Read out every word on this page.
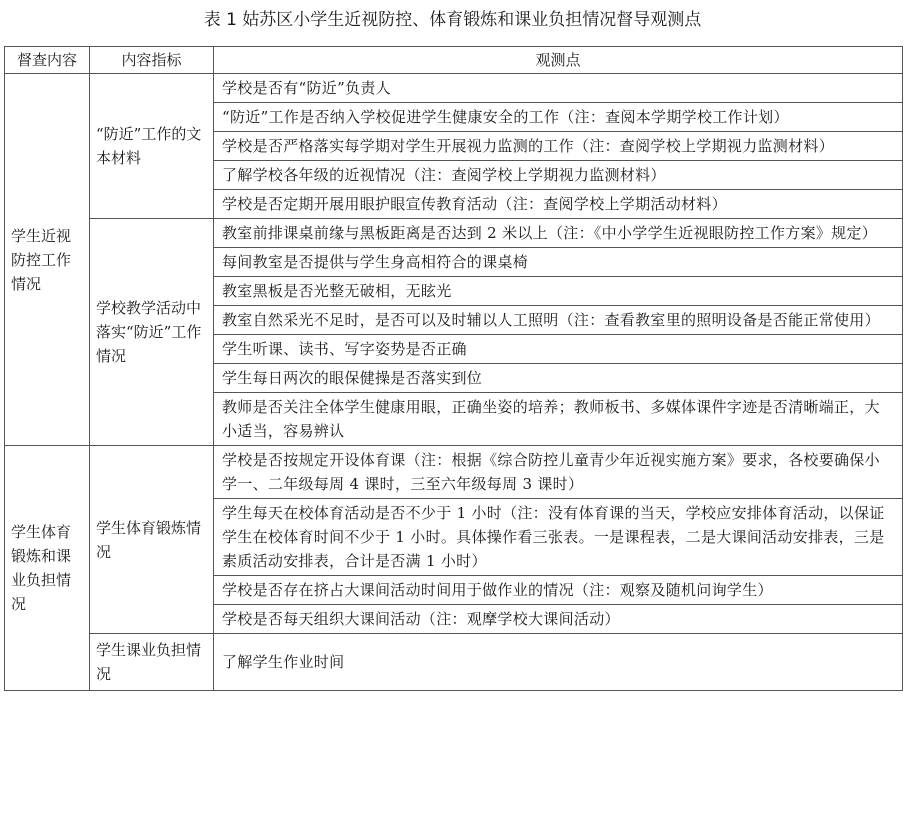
表 1 姑苏区小学生近视防控、体育锻炼和课业负担情况督导观测点
督查内容	内容指标	观测点
学生近视防控工作情况	“防近”工作的文本材料	学校是否有“防近”负责人
		“防近”工作是否纳入学校促进学生健康安全的工作（注：查阅本学期学校工作计划）
		学校是否严格落实每学期对学生开展视力监测的工作（注：查阅学校上学期视力监测材料）
		了解学校各年级的近视情况（注：查阅学校上学期视力监测材料）
		学校是否定期开展用眼护眼宣传教育活动（注：查阅学校上学期活动材料）
	学校教学活动中落实“防近”工作情况	教室前排课桌前缘与黑板距离是否达到 2 米以上（注：《中小学学生近视眼防控工作方案》规定）
		每间教室是否提供与学生身高相符合的课桌椅
		教室黑板是否光整无破相，无眩光
		教室自然采光不足时，是否可以及时辅以人工照明（注：查看教室里的照明设备是否能正常使用）
		学生听课、读书、写字姿势是否正确
		学生每日两次的眼保健操是否落实到位
		教师是否关注全体学生健康用眼，正确坐姿的培养；教师板书、多媒体课件字迹是否清晰端正，大小适当，容易辨认
学生体育锻炼和课业负担情况	学生体育锻炼情况	学校是否按规定开设体育课（注：根据《综合防控儿童青少年近视实施方案》要求，各校要确保小学一、二年级每周 4 课时，三至六年级每周 3 课时）
		学生每天在校体育活动是否不少于 1 小时（注：没有体育课的当天，学校应安排体育活动，以保证学生在校体育时间不少于 1 小时。具体操作看三张表。一是课程表，二是大课间活动安排表，三是素质活动安排表，合计是否满 1 小时）
		学校是否存在挤占大课间活动时间用于做作业的情况（注：观察及随机问询学生）
		学校是否每天组织大课间活动（注：观摩学校大课间活动）
	学生课业负担情况	了解学生作业时间
